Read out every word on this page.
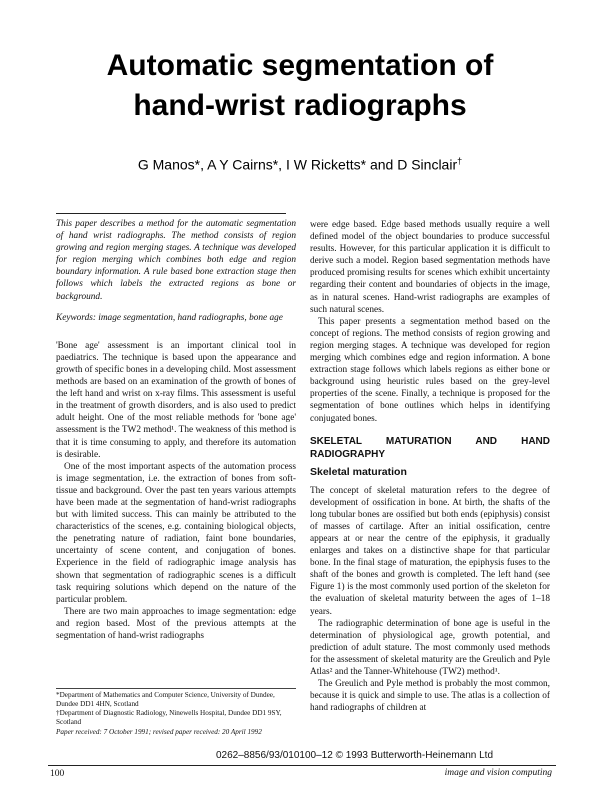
Automatic segmentation of
hand-wrist radiographs
G Manos*, A Y Cairns*, I W Ricketts* and D Sinclair†

This paper describes a method for the automatic segmentation of hand wrist radiographs. The method consists of region growing and region merging stages. A technique was developed for region merging which combines both edge and region boundary information. A rule based bone extraction stage then follows which labels the extracted regions as bone or background.

Keywords: image segmentation, hand radiographs, bone age

'Bone age' assessment is an important clinical tool in paediatrics. The technique is based upon the appearance and growth of specific bones in a developing child. Most assessment methods are based on an examination of the growth of bones of the left hand and wrist on x-ray films. This assessment is useful in the treatment of growth disorders, and is also used to predict adult height. One of the most reliable methods for 'bone age' assessment is the TW2 method¹. The weakness of this method is that it is time consuming to apply, and therefore its automation is desirable.

One of the most important aspects of the automation process is image segmentation, i.e. the extraction of bones from soft-tissue and background. Over the past ten years various attempts have been made at the segmentation of hand-wrist radiographs but with limited success. This can mainly be attributed to the characteristics of the scenes, e.g. containing biological objects, the penetrating nature of radiation, faint bone boundaries, uncertainty of scene content, and conjugation of bones. Experience in the field of radiographic image analysis has shown that segmentation of radiographic scenes is a difficult task requiring solutions which depend on the nature of the particular problem.

There are two main approaches to image segmentation: edge and region based. Most of the previous attempts at the segmentation of hand-wrist radiographs

*Department of Mathematics and Computer Science, University of Dundee, Dundee DD1 4HN, Scotland

†Department of Diagnostic Radiology, Ninewells Hospital, Dundee DD1 9SY, Scotland

Paper received: 7 October 1991; revised paper received: 20 April 1992

were edge based. Edge based methods usually require a well defined model of the object boundaries to produce successful results. However, for this particular application it is difficult to derive such a model. Region based segmentation methods have produced promising results for scenes which exhibit uncertainty regarding their content and boundaries of objects in the image, as in natural scenes. Hand-wrist radiographs are examples of such natural scenes.

This paper presents a segmentation method based on the concept of regions. The method consists of region growing and region merging stages. A technique was developed for region merging which combines edge and region information. A bone extraction stage follows which labels regions as either bone or background using heuristic rules based on the grey-level properties of the scene. Finally, a technique is proposed for the segmentation of bone outlines which helps in identifying conjugated bones.

SKELETAL MATURATION AND HAND RADIOGRAPHY
Skeletal maturation

The concept of skeletal maturation refers to the degree of development of ossification in bone. At birth, the shafts of the long tubular bones are ossified but both ends (epiphysis) consist of masses of cartilage. After an initial ossification, centre appears at or near the centre of the epiphysis, it gradually enlarges and takes on a distinctive shape for that particular bone. In the final stage of maturation, the epiphysis fuses to the shaft of the bones and growth is completed. The left hand (see Figure 1) is the most commonly used portion of the skeleton for the evaluation of skeletal maturity between the ages of 1–18 years.

The radiographic determination of bone age is useful in the determination of physiological age, growth potential, and prediction of adult stature. The most commonly used methods for the assessment of skeletal maturity are the Greulich and Pyle Atlas² and the Tanner-Whitehouse (TW2) method¹.

The Greulich and Pyle method is probably the most common, because it is quick and simple to use. The atlas is a collection of hand radiographs of children at

0262–8856/93/010100–12 © 1993 Butterworth-Heinemann Ltd
100	image and vision computing
